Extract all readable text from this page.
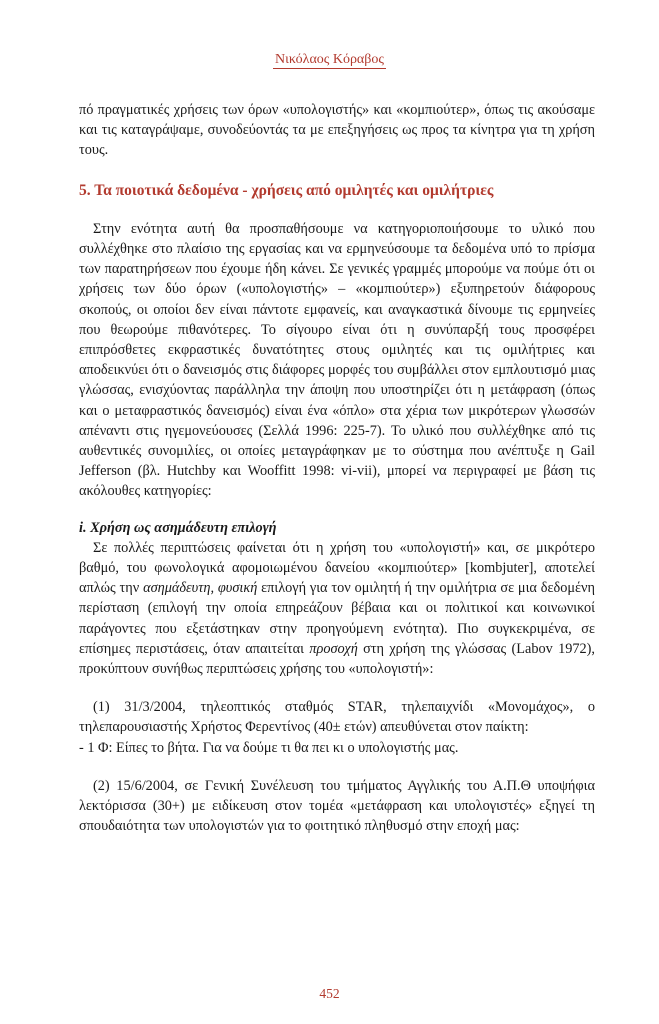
Νικόλαος Κόραβος

πό πραγματικές χρήσεις των όρων «υπολογιστής» και «κομπιούτερ», όπως τις ακούσαμε και τις καταγράψαμε, συνοδεύοντάς τα με επεξηγήσεις ως προς τα κίνητρα για τη χρήση τους.

5. Τα ποιοτικά δεδομένα - χρήσεις από ομιλητές και ομιλήτριες

Στην ενότητα αυτή θα προσπαθήσουμε να κατηγοριοποιήσουμε το υλικό που συλλέχθηκε στο πλαίσιο της εργασίας και να ερμηνεύσουμε τα δεδομένα υπό το πρίσμα των παρατηρήσεων που έχουμε ήδη κάνει. Σε γενικές γραμμές μπορούμε να πούμε ότι οι χρήσεις των δύο όρων («υπολογιστής» – «κομπιούτερ») εξυπηρετούν διάφορους σκοπούς, οι οποίοι δεν είναι πάντοτε εμφανείς, και αναγκαστικά δίνουμε τις ερμηνείες που θεωρούμε πιθανότερες. Το σίγουρο είναι ότι η συνύπαρξή τους προσφέρει επιπρόσθετες εκφραστικές δυνατότητες στους ομιλητές και τις ομιλήτριες και αποδεικνύει ότι ο δανεισμός στις διάφορες μορφές του συμβάλλει στον εμπλουτισμό μιας γλώσσας, ενισχύοντας παράλληλα την άποψη που υποστηρίζει ότι η μετάφραση (όπως και ο μεταφραστικός δανεισμός) είναι ένα «όπλο» στα χέρια των μικρότερων γλωσσών απέναντι στις ηγεμονεύουσες (Σελλά 1996: 225-7). Το υλικό που συλλέχθηκε από τις αυθεντικές συνομιλίες, οι οποίες μεταγράφηκαν με το σύστημα που ανέπτυξε η Gail Jefferson (βλ. Hutchby και Wooffitt 1998: vi-vii), μπορεί να περιγραφεί με βάση τις ακόλουθες κατηγορίες:

i. Χρήση ως ασημάδευτη επιλογή

Σε πολλές περιπτώσεις φαίνεται ότι η χρήση του «υπολογιστή» και, σε μικρότερο βαθμό, του φωνολογικά αφομοιωμένου δανείου «κομπιούτερ» [kombjuter], αποτελεί απλώς την ασημάδευτη, φυσική επιλογή για τον ομιλητή ή την ομιλήτρια σε μια δεδομένη περίσταση (επιλογή την οποία επηρεάζουν βέβαια και οι πολιτικοί και κοινωνικοί παράγοντες που εξετάστηκαν στην προηγούμενη ενότητα). Πιο συγκεκριμένα, σε επίσημες περιστάσεις, όταν απαιτείται προσοχή στη χρήση της γλώσσας (Labov 1972), προκύπτουν συνήθως περιπτώσεις χρήσης του «υπολογιστή»:

(1) 31/3/2004, τηλεοπτικός σταθμός STAR, τηλεπαιχνίδι «Μονομάχος», ο τηλεπαρουσιαστής Χρήστος Φερεντίνος (40± ετών) απευθύνεται στον παίκτη:

- 1 Φ: Είπες το βήτα. Για να δούμε τι θα πει κι ο υπολογιστής μας.

(2) 15/6/2004, σε Γενική Συνέλευση του τμήματος Αγγλικής του Α.Π.Θ υποψήφια λεκτόρισσα (30+) με ειδίκευση στον τομέα «μετάφραση και υπολογιστές» εξηγεί τη σπουδαιότητα των υπολογιστών για το φοιτητικό πληθυσμό στην εποχή μας:

452
